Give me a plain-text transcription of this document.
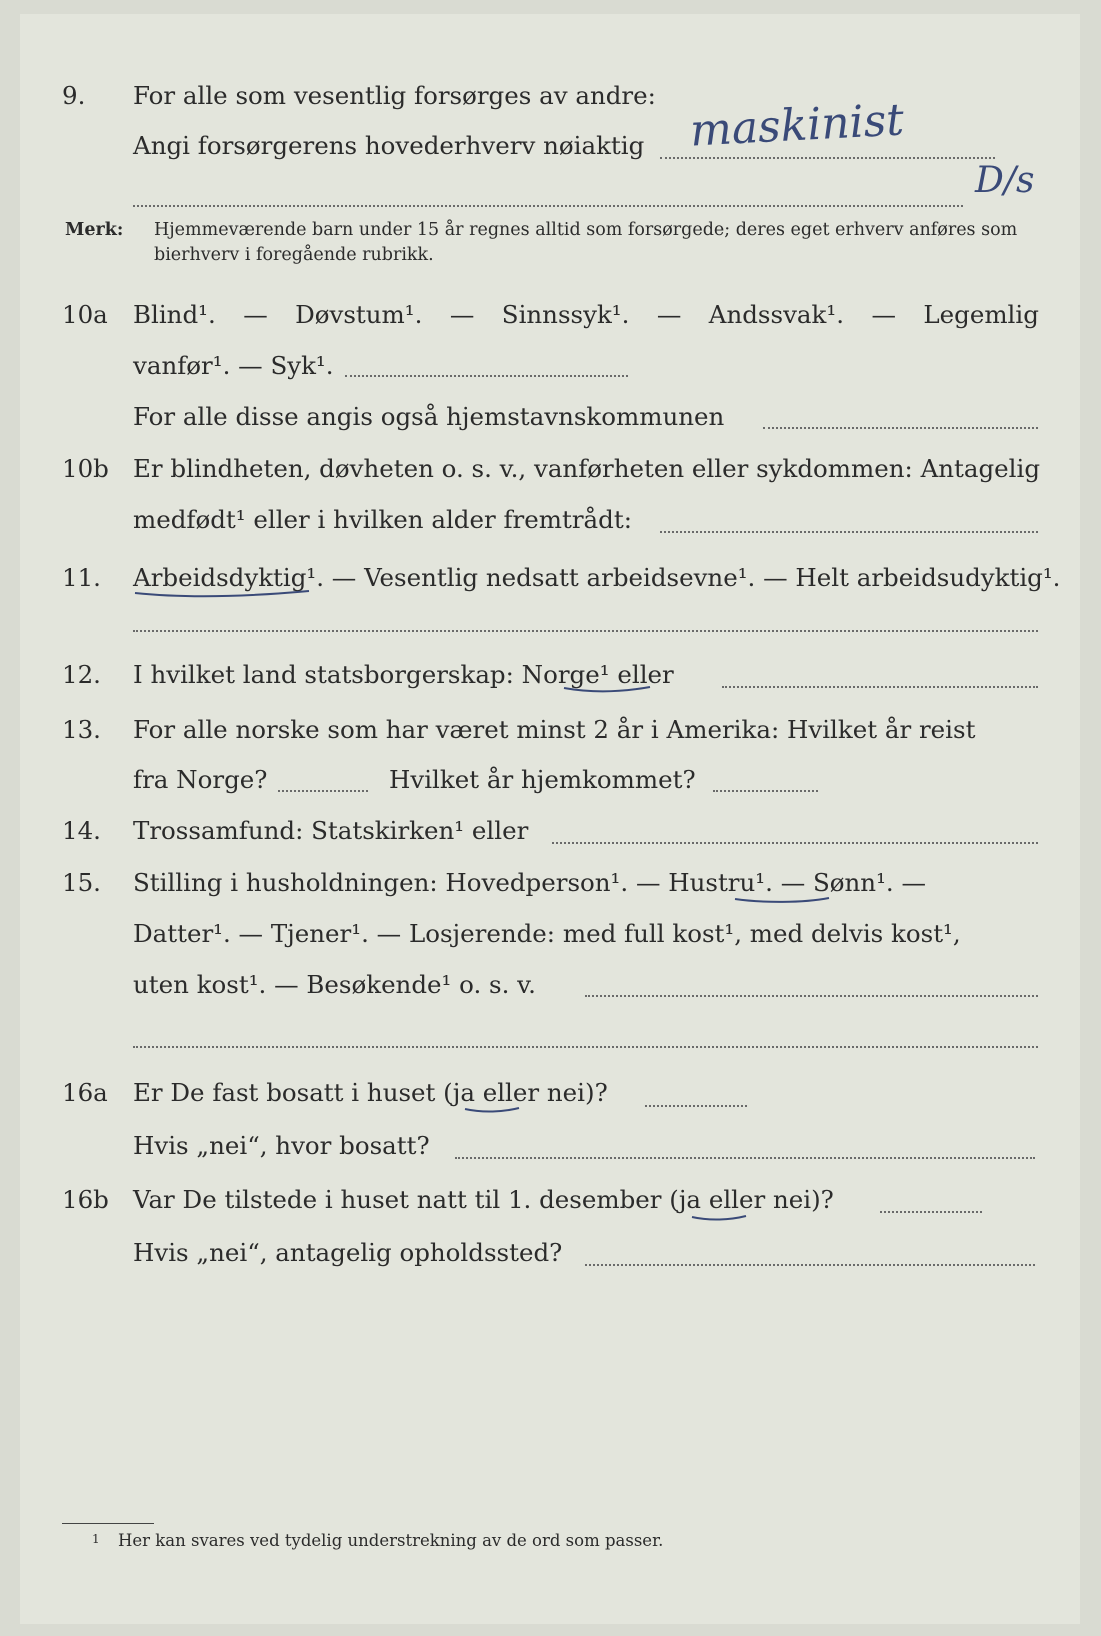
9. For alle som vesentlig forsørges av andre:
Angi forsørgerens hovederhverv nøiaktig	maskinist
D/s
Merk: Hjemmeværende barn under 15 år regnes alltid som forsørgede; deres eget erhverv anføres som bierhverv i foregående rubrikk.
10a Blind¹. — Døvstum¹. — Sinnssyk¹. — Andssvak¹. — Legemlig
vanfør¹. — Syk¹.
For alle disse angis også hjemstavnskommunen
10b Er blindheten, døvheten o. s. v., vanførheten eller sykdommen: Antagelig
medfødt¹ eller i hvilken alder fremtrådt:
11. Arbeidsdyktig¹. — Vesentlig nedsatt arbeidsevne¹. — Helt arbeidsudyktig¹.
12. I hvilket land statsborgerskap: Norge¹ eller
13. For alle norske som har været minst 2 år i Amerika: Hvilket år reist
fra Norge?	Hvilket år hjemkommet?
14. Trossamfund: Statskirken¹ eller
15. Stilling i husholdningen: Hovedperson¹. — Hustru¹. — Sønn¹. —
Datter¹. — Tjener¹. — Losjerende: med full kost¹, med delvis kost¹,
uten kost¹. — Besøkende¹ o. s. v.
16a Er De fast bosatt i huset (ja eller nei)?
Hvis „nei“, hvor bosatt?
16b Var De tilstede i huset natt til 1. desember (ja eller nei)?
Hvis „nei“, antagelig opholdssted?
1 Her kan svares ved tydelig understrekning av de ord som passer.
